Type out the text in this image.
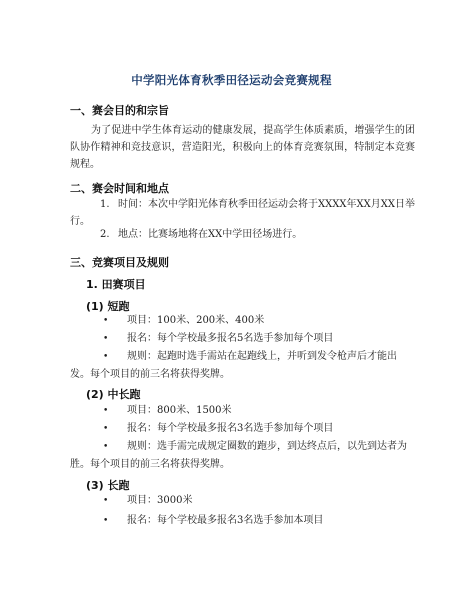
中学阳光体育秋季田径运动会竞赛规程
一、赛会目的和宗旨
为了促进中学生体育运动的健康发展，提高学生体质素质，增强学生的团队协作精神和竞技意识，营造阳光，积极向上的体育竞赛氛围，特制定本竞赛规程。
二、赛会时间和地点
1. 时间：本次中学阳光体育秋季田径运动会将于XXXX年XX月XX日举行。
2. 地点：比赛场地将在XX中学田径场进行。
三、竞赛项目及规则
1. 田赛项目
(1) 短跑
• 项目：100米、200米、400米
• 报名：每个学校最多报名5名选手参加每个项目
• 规则：起跑时选手需站在起跑线上，并听到发令枪声后才能出发。每个项目的前三名将获得奖牌。
(2) 中长跑
• 项目：800米、1500米
• 报名：每个学校最多报名3名选手参加每个项目
• 规则：选手需完成规定圈数的跑步，到达终点后，以先到达者为胜。每个项目的前三名将获得奖牌。
(3) 长跑
• 项目：3000米
• 报名：每个学校最多报名3名选手参加本项目
